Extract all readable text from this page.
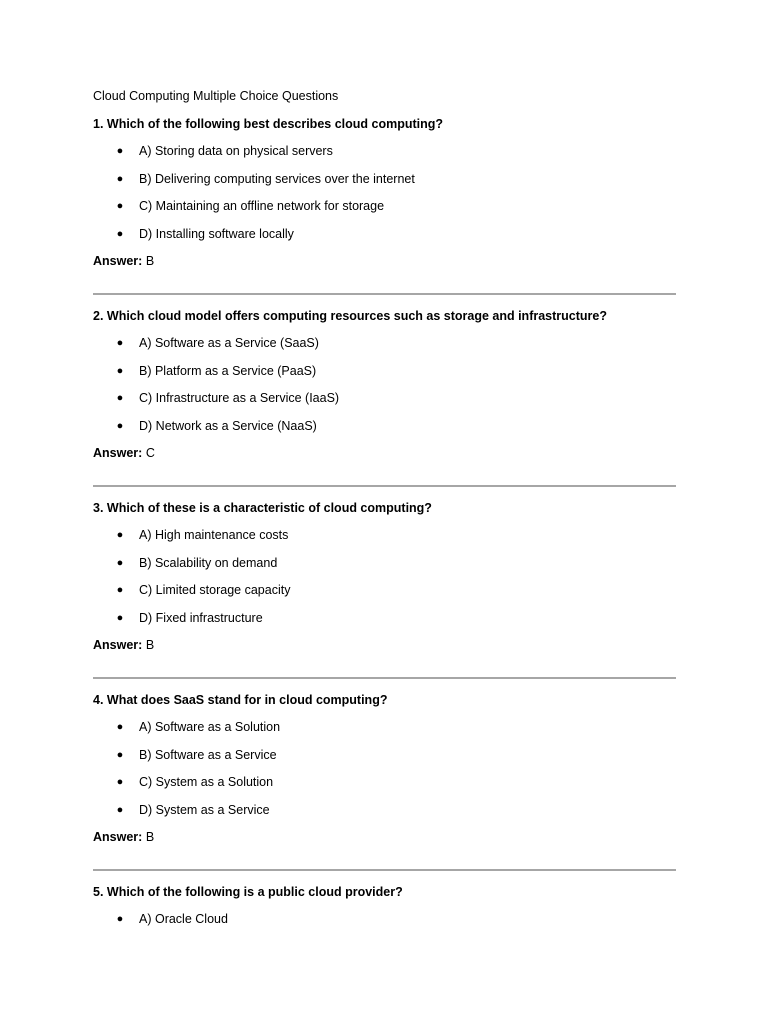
Cloud Computing Multiple Choice Questions
1. Which of the following best describes cloud computing?
● A) Storing data on physical servers
● B) Delivering computing services over the internet
● C) Maintaining an offline network for storage
● D) Installing software locally
Answer: B
2. Which cloud model offers computing resources such as storage and infrastructure?
● A) Software as a Service (SaaS)
● B) Platform as a Service (PaaS)
● C) Infrastructure as a Service (IaaS)
● D) Network as a Service (NaaS)
Answer: C
3. Which of these is a characteristic of cloud computing?
● A) High maintenance costs
● B) Scalability on demand
● C) Limited storage capacity
● D) Fixed infrastructure
Answer: B
4. What does SaaS stand for in cloud computing?
● A) Software as a Solution
● B) Software as a Service
● C) System as a Solution
● D) System as a Service
Answer: B
5. Which of the following is a public cloud provider?
● A) Oracle Cloud
